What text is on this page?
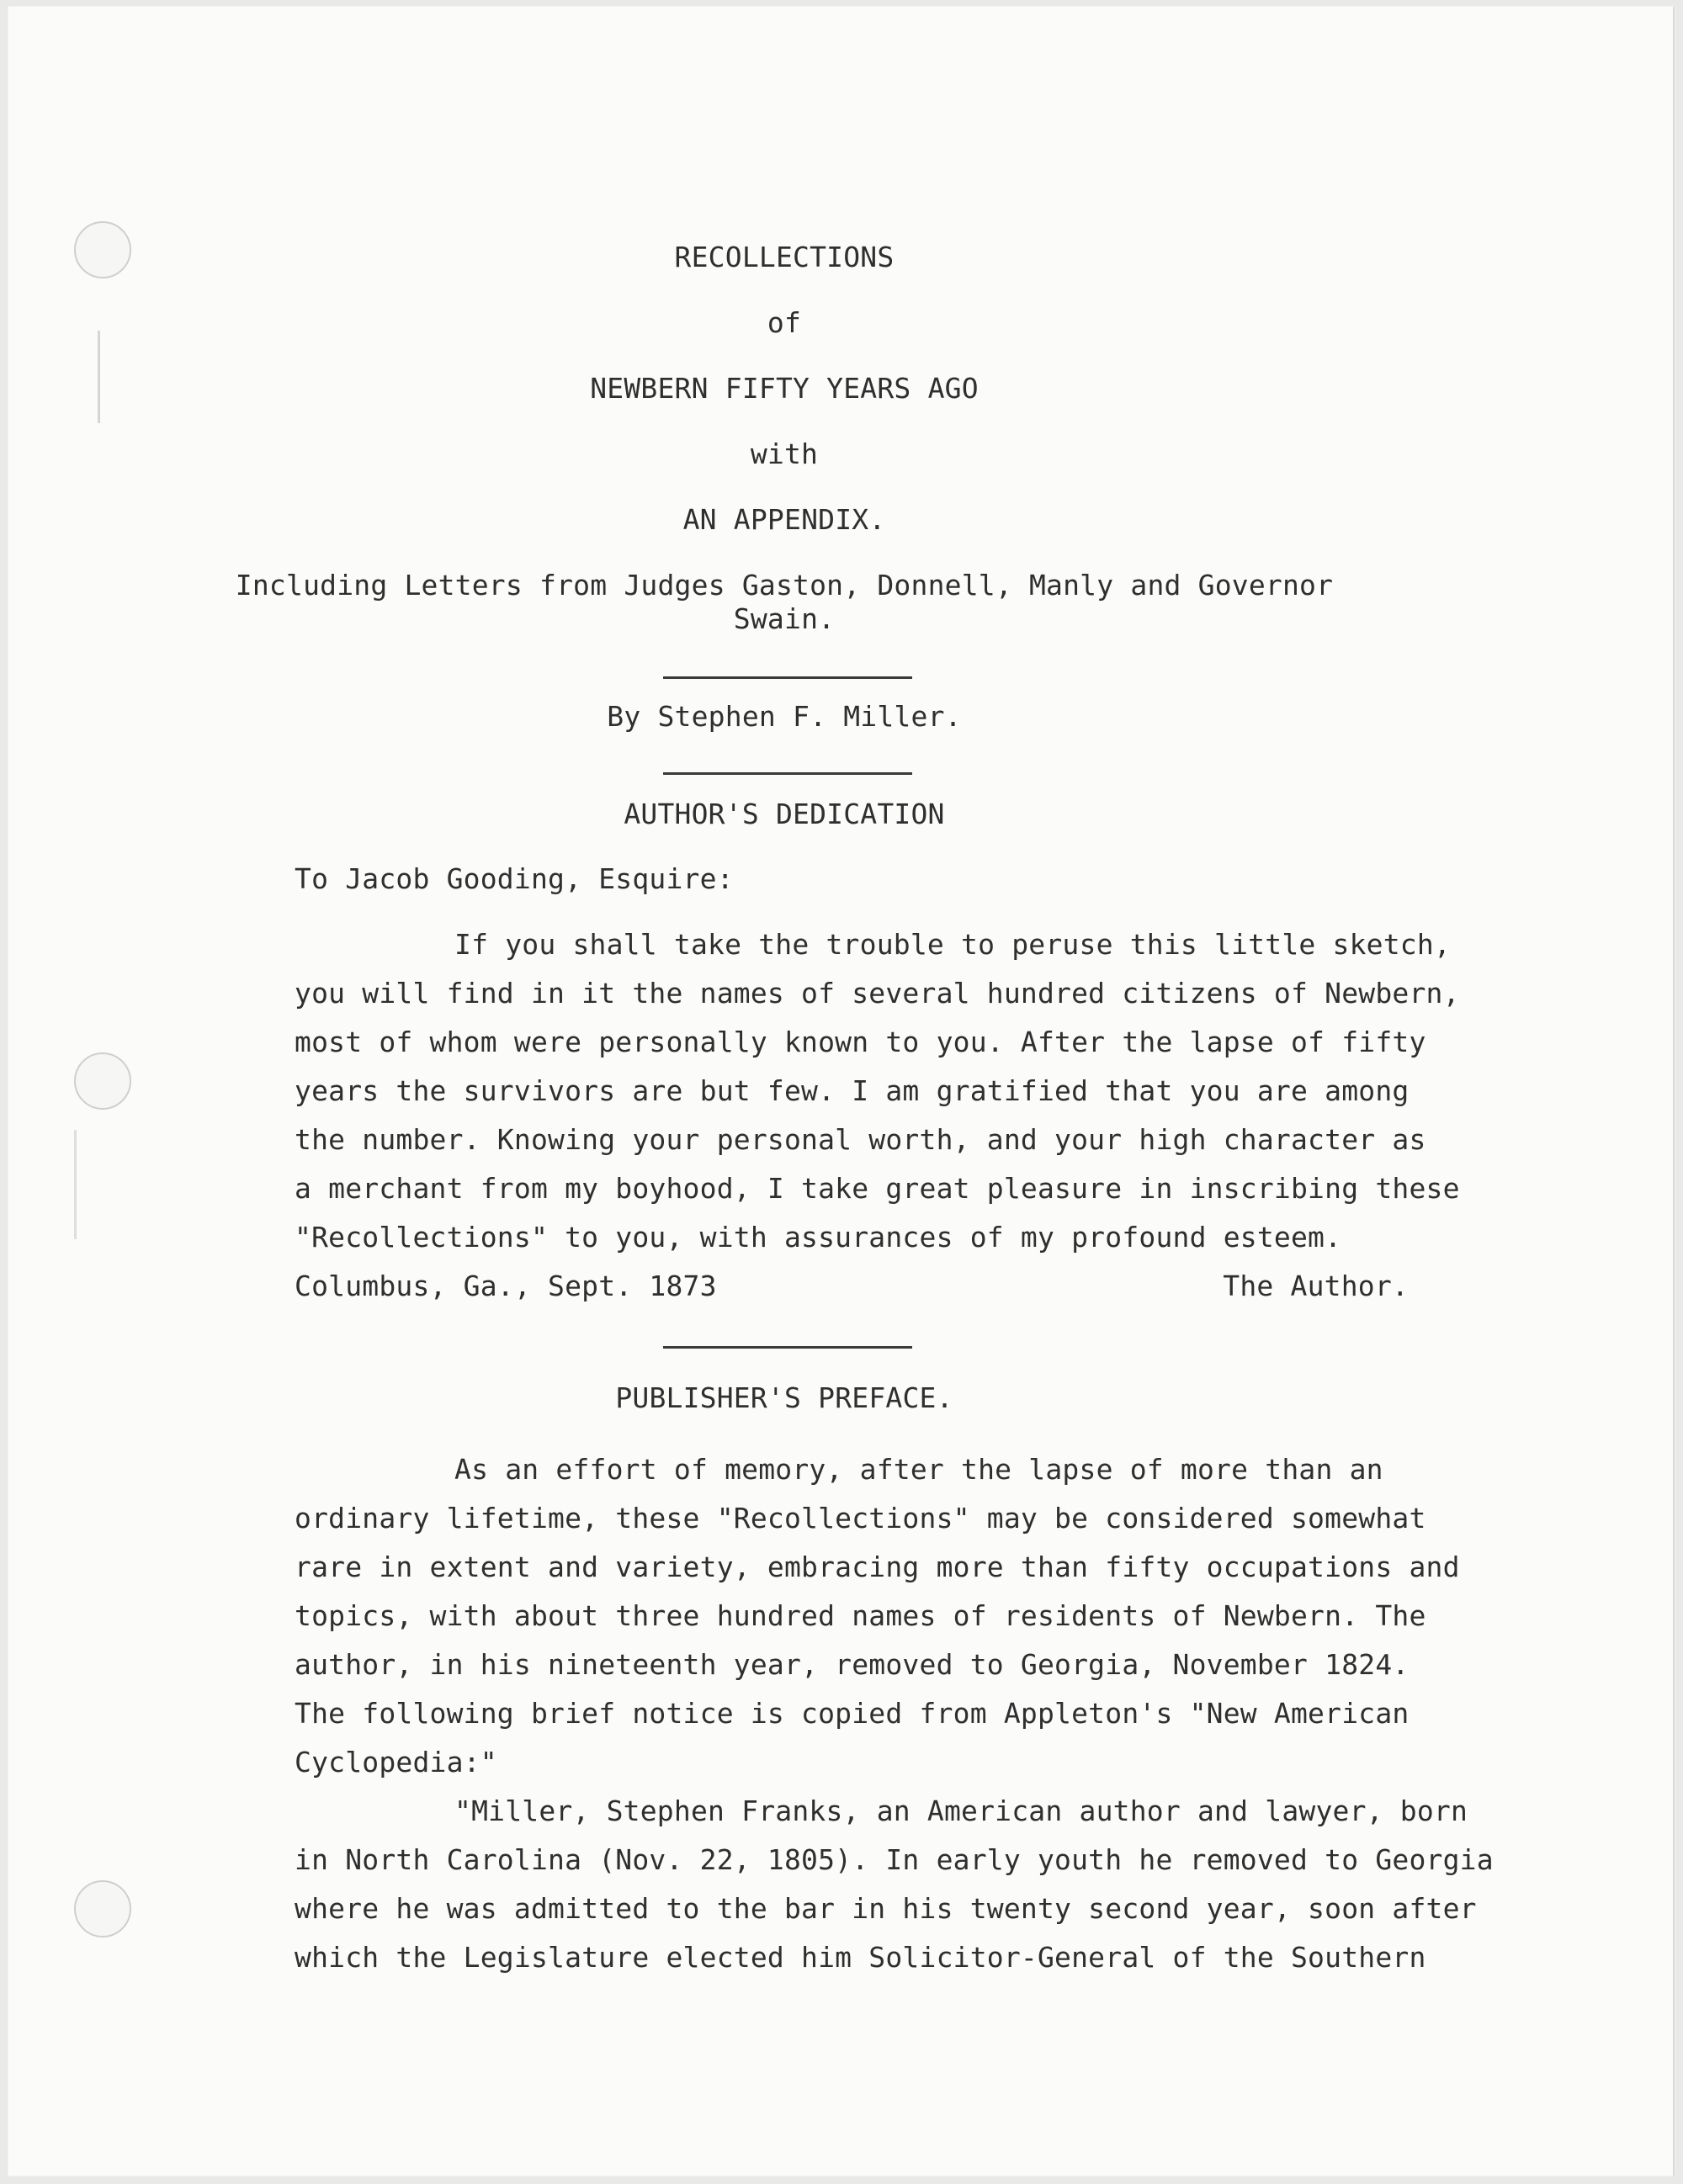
RECOLLECTIONS
of
NEWBERN FIFTY YEARS AGO
with
AN APPENDIX.
Including Letters from Judges Gaston, Donnell, Manly and Governor
Swain.
By Stephen F. Miller.
AUTHOR'S DEDICATION
To Jacob Gooding, Esquire:
If you shall take the trouble to peruse this little sketch,
you will find in it the names of several hundred citizens of Newbern,
most of whom were personally known to you. After the lapse of fifty
years the survivors are but few. I am gratified that you are among
the number. Knowing your personal worth, and your high character as
a merchant from my boyhood, I take great pleasure in inscribing these
"Recollections" to you, with assurances of my profound esteem.
Columbus, Ga., Sept. 1873	The Author.
PUBLISHER'S PREFACE.
As an effort of memory, after the lapse of more than an
ordinary lifetime, these "Recollections" may be considered somewhat
rare in extent and variety, embracing more than fifty occupations and
topics, with about three hundred names of residents of Newbern. The
author, in his nineteenth year, removed to Georgia, November 1824.
The following brief notice is copied from Appleton's "New American
Cyclopedia:"
"Miller, Stephen Franks, an American author and lawyer, born
in North Carolina (Nov. 22, 1805). In early youth he removed to Georgia
where he was admitted to the bar in his twenty second year, soon after
which the Legislature elected him Solicitor-General of the Southern
